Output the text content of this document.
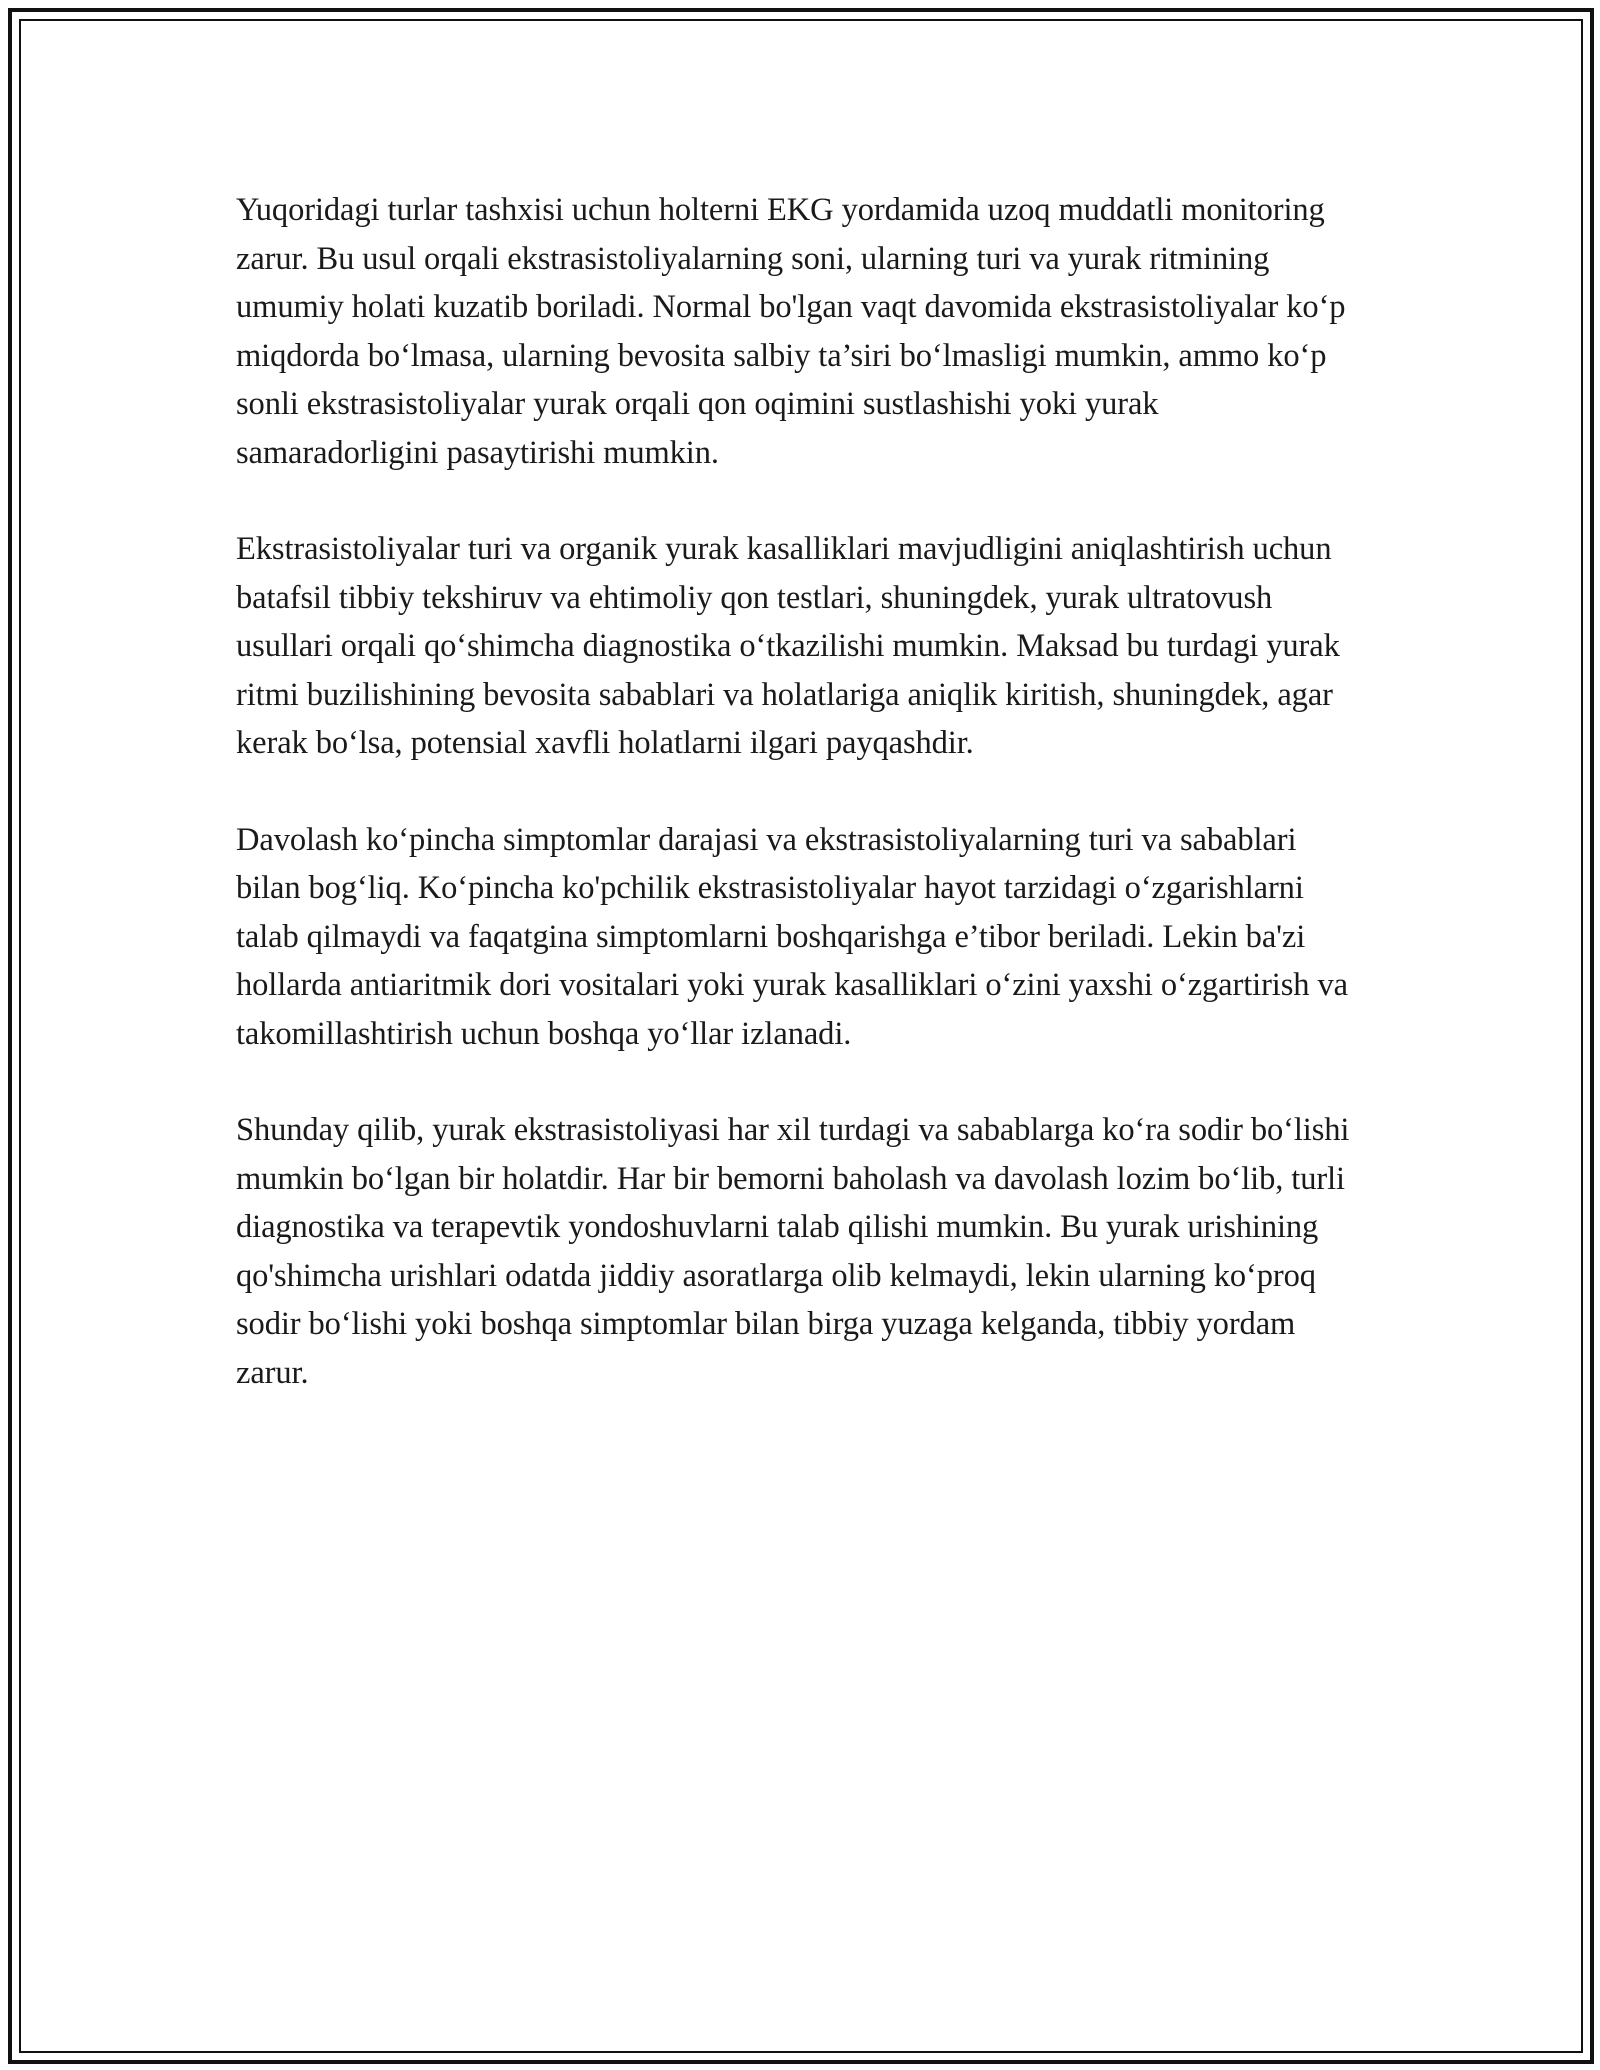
Yuqoridagi turlar tashxisi uchun holterni EKG yordamida uzoq muddatli monitoring zarur. Bu usul orqali ekstrasistoliyalarning soni, ularning turi va yurak ritmining umumiy holati kuzatib boriladi. Normal bo'lgan vaqt davomida ekstrasistoliyalar ko‘p miqdorda bo‘lmasa, ularning bevosita salbiy ta’siri bo‘lmasligi mumkin, ammo ko‘p sonli ekstrasistoliyalar yurak orqali qon oqimini sustlashishi yoki yurak samaradorligini pasaytirishi mumkin.

Ekstrasistoliyalar turi va organik yurak kasalliklari mavjudligini aniqlashtirish uchun batafsil tibbiy tekshiruv va ehtimoliy qon testlari, shuningdek, yurak ultratovush usullari orqali qo‘shimcha diagnostika o‘tkazilishi mumkin. Maksad bu turdagi yurak ritmi buzilishining bevosita sabablari va holatlariga aniqlik kiritish, shuningdek, agar kerak bo‘lsa, potensial xavfli holatlarni ilgari payqashdir.

Davolash ko‘pincha simptomlar darajasi va ekstrasistoliyalarning turi va sabablari bilan bog‘liq. Ko‘pincha ko'pchilik ekstrasistoliyalar hayot tarzidagi o‘zgarishlarni talab qilmaydi va faqatgina simptomlarni boshqarishga e’tibor beriladi. Lekin ba'zi hollarda antiaritmik dori vositalari yoki yurak kasalliklari o‘zini yaxshi o‘zgartirish va takomillashtirish uchun boshqa yo‘llar izlanadi.

Shunday qilib, yurak ekstrasistoliyasi har xil turdagi va sabablarga ko‘ra sodir bo‘lishi mumkin bo‘lgan bir holatdir. Har bir bemorni baholash va davolash lozim bo‘lib, turli diagnostika va terapevtik yondoshuvlarni talab qilishi mumkin. Bu yurak urishining qo'shimcha urishlari odatda jiddiy asoratlarga olib kelmaydi, lekin ularning ko‘proq sodir bo‘lishi yoki boshqa simptomlar bilan birga yuzaga kelganda, tibbiy yordam zarur.
